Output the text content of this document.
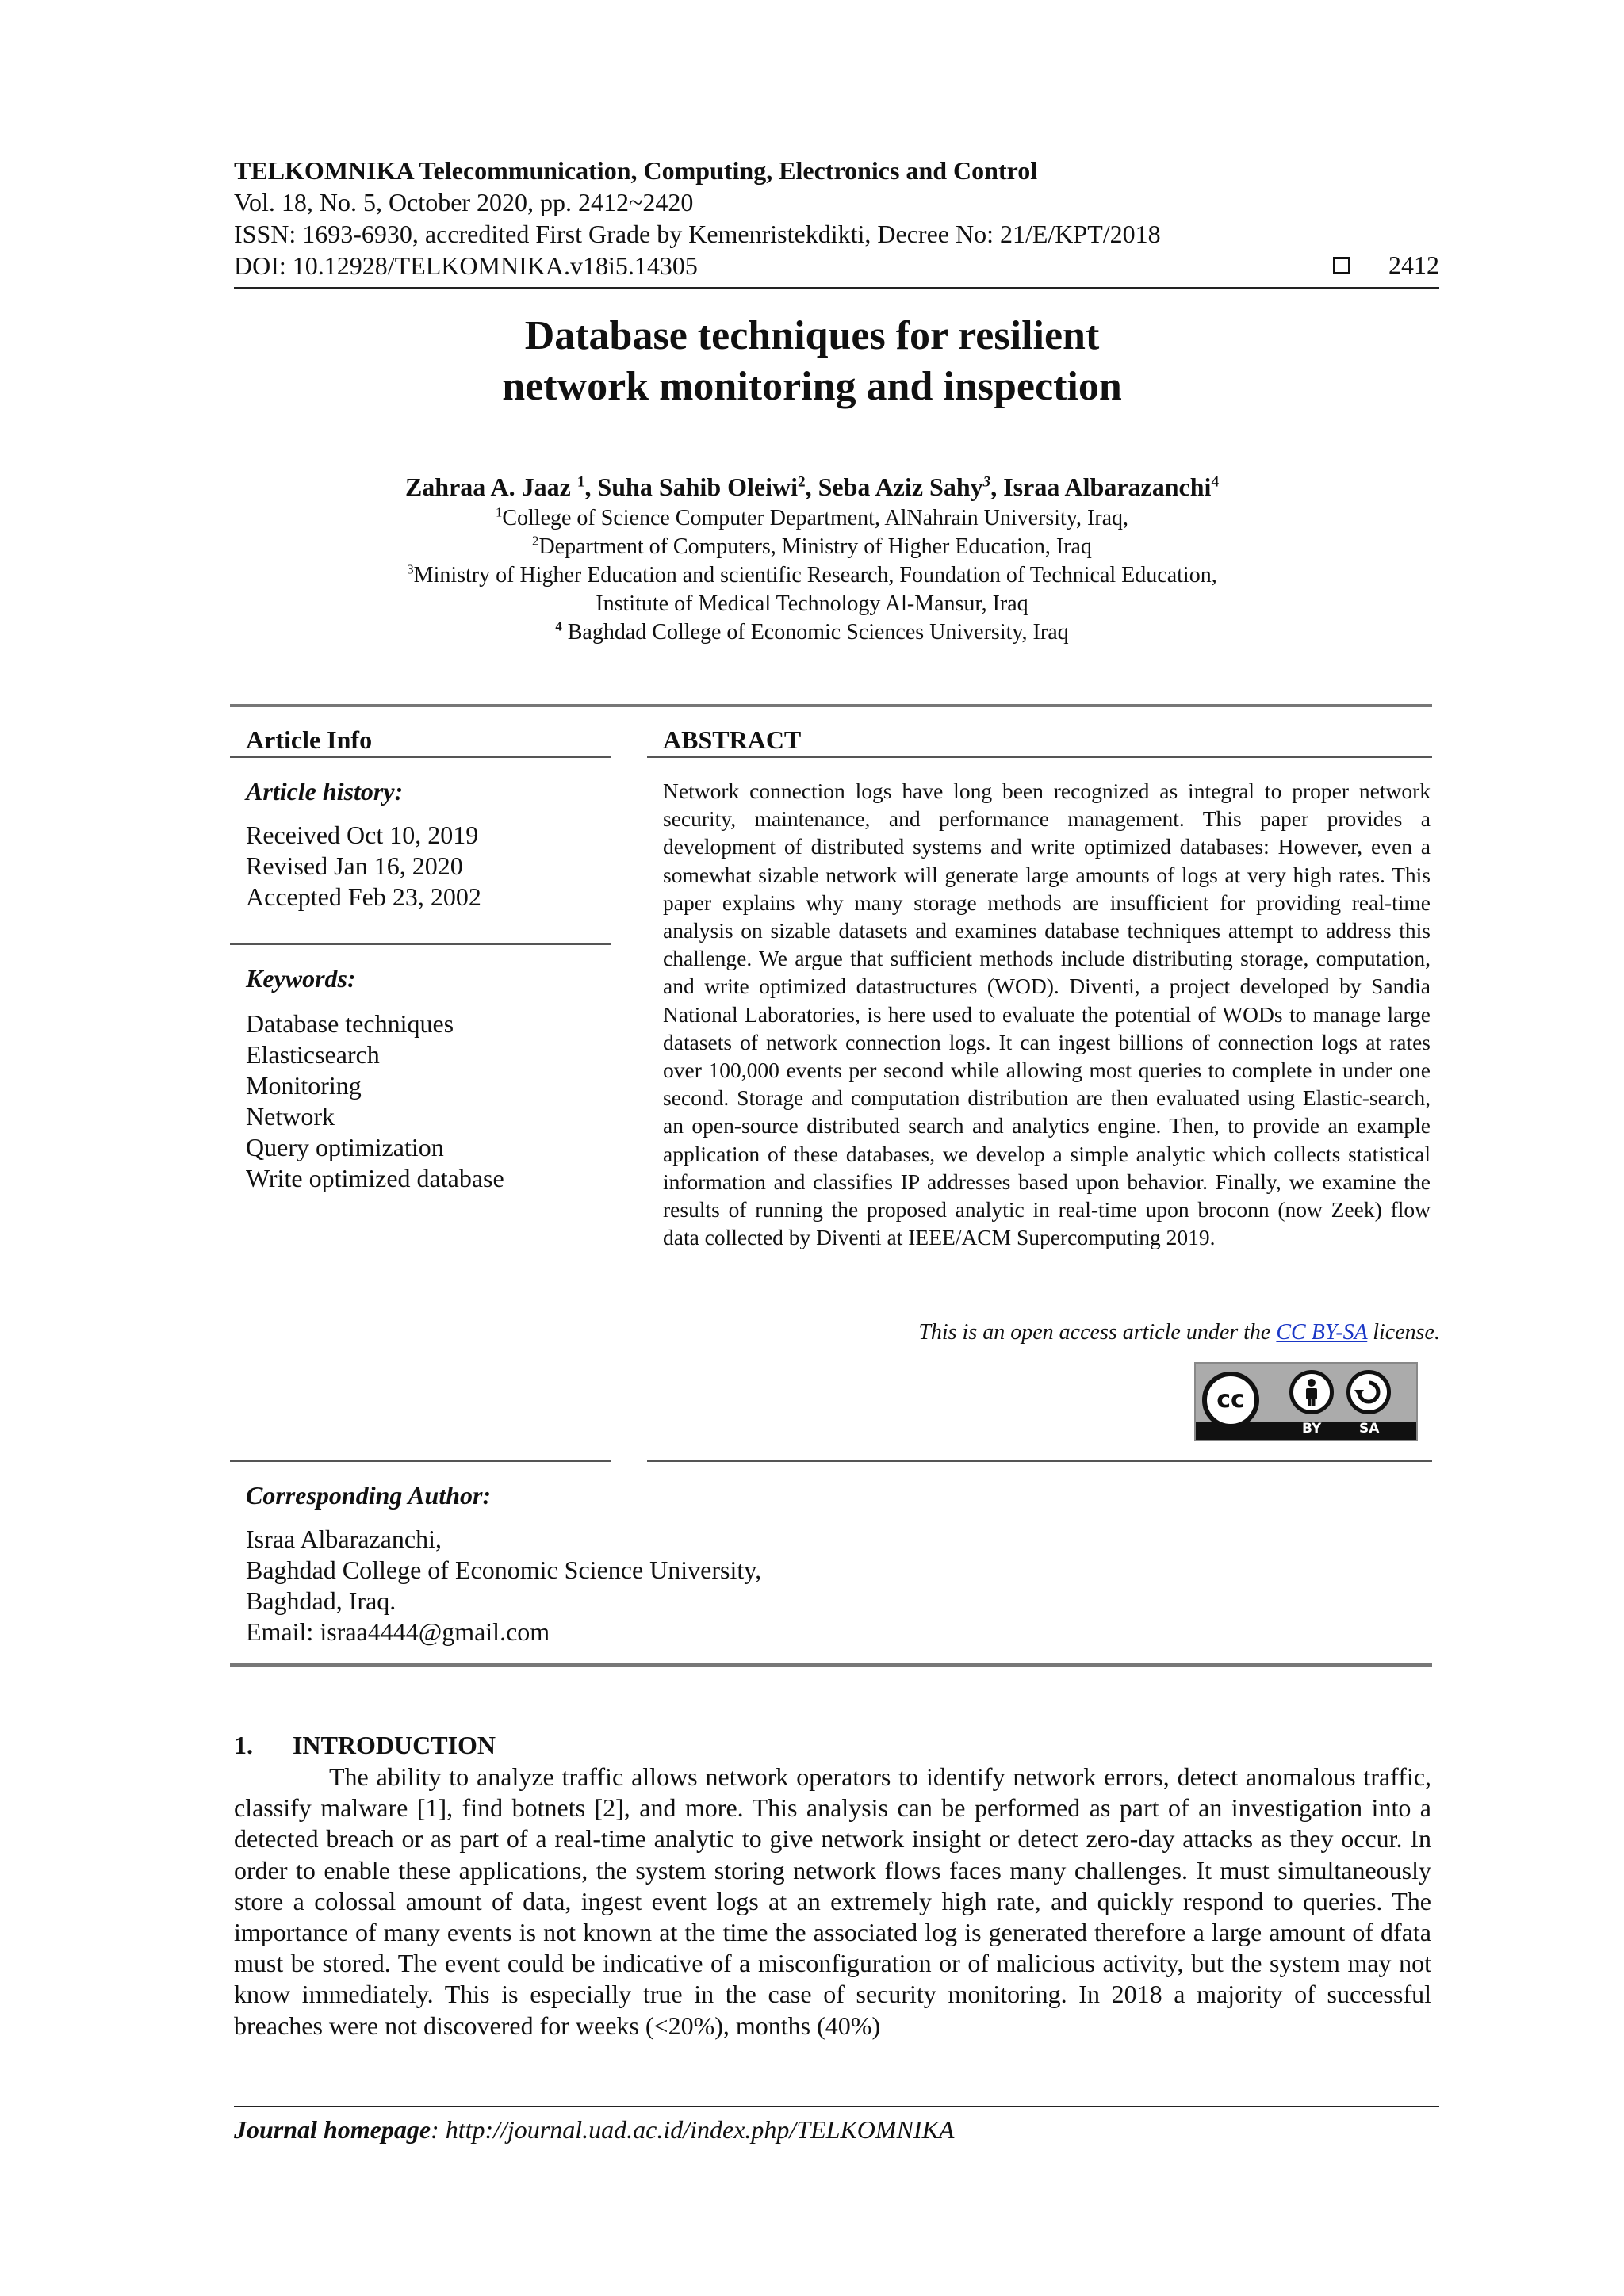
TELKOMNIKA Telecommunication, Computing, Electronics and Control
Vol. 18, No. 5, October 2020, pp. 2412~2420
ISSN: 1693-6930, accredited First Grade by Kemenristekdikti, Decree No: 21/E/KPT/2018
DOI: 10.12928/TELKOMNIKA.v18i5.14305	2412
Database techniques for resilient
network monitoring and inspection
Zahraa A. Jaaz $^1$, Suha Sahib Oleiwi$^2$, Seba Aziz Sahy$^3$, Israa Albarazanchi$^4$
$^1$College of Science Computer Department, AlNahrain University, Iraq,
$^2$Department of Computers, Ministry of Higher Education, Iraq
$^3$Ministry of Higher Education and scientific Research, Foundation of Technical Education,
Institute of Medical Technology Al-Mansur, Iraq
$^4$ Baghdad College of Economic Sciences University, Iraq
Article Info
Article history:
Received Oct 10, 2019
Revised Jan 16, 2020
Accepted Feb 23, 2002
Keywords:
Database techniques
Elasticsearch
Monitoring
Network
Query optimization
Write optimized database
ABSTRACT
Network connection logs have long been recognized as integral to proper network security, maintenance, and performance management. This paper provides a development of distributed systems and write optimized databases: However, even a somewhat sizable network will generate large amounts of logs at very high rates. This paper explains why many storage methods are insufficient for providing real-time analysis on sizable datasets and examines database techniques attempt to address this challenge. We argue that sufficient methods include distributing storage, computation, and write optimized datastructures (WOD). Diventi, a project developed by Sandia National Laboratories, is here used to evaluate the potential of WODs to manage large datasets of network connection logs. It can ingest billions of connection logs at rates over 100,000 events per second while allowing most queries to complete in under one second. Storage and computation distribution are then evaluated using Elastic-search, an open-source distributed search and analytics engine. Then, to provide an example application of these databases, we develop a simple analytic which collects statistical information and classifies IP addresses based upon behavior. Finally, we examine the results of running the proposed analytic in real-time upon broconn (now Zeek) flow data collected by Diventi at IEEE/ACM Supercomputing 2019.
This is an open access article under the CC BY-SA license.
cc
BY	SA
Corresponding Author:
Israa Albarazanchi,
Baghdad College of Economic Science University,
Baghdad, Iraq.
Email: israa4444@gmail.com
1. INTRODUCTION
The ability to analyze traffic allows network operators to identify network errors, detect anomalous traffic, classify malware [1], find botnets [2], and more. This analysis can be performed as part of an investigation into a detected breach or as part of a real-time analytic to give network insight or detect zero-day attacks as they occur. In order to enable these applications, the system storing network flows faces many challenges. It must simultaneously store a colossal amount of data, ingest event logs at an extremely high rate, and quickly respond to queries. The importance of many events is not known at the time the associated log is generated therefore a large amount of dfata must be stored. The event could be indicative of a misconfiguration or of malicious activity, but the system may not know immediately. This is especially true in the case of security monitoring. In 2018 a majority of successful breaches were not discovered for weeks (<20%), months (40%)
Journal homepage: http://journal.uad.ac.id/index.php/TELKOMNIKA
